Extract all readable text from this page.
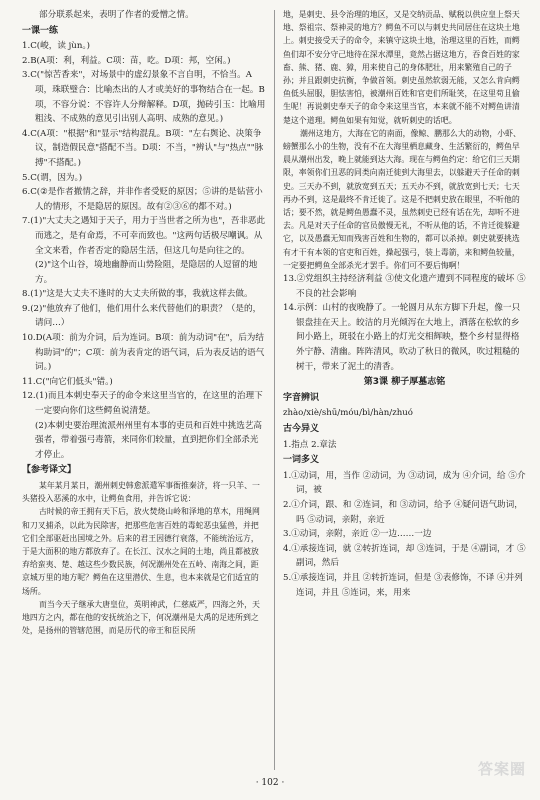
部分联系起来，表明了作者的爱憎之情。

一课一练

1.C(峻，读 jùn。)

2.B(A项：利，利益。C项：苗，吃。D项：邦，空闲。)

3.C("惊苦香来"，对场景中的虚幻景象不言自明，不恰当。A项，珠联璧合：比喻杰出的人才或美好的事物结合在一起。B项，不容分说：不容许人分辩解释。D项，抛砖引玉：比喻用粗浅、不成熟的意见引出别人高明、成熟的意见。)

4.C(A项："根据"和"显示"结构混乱。B项："左右舆论、决策争议，制造假民意"搭配不当。D项：不当，"辨认"与"热点""脉搏"不搭配。)

5.C(谓，因为。)

6.C(②是作者撤情之辞，并非作者受贬的原因；⑤讲的是钻营小人的情形，不是隐居的原因。故有②③⑥的都不对。)

7.(1)"大丈夫之遇知于天子，用力于当世者之所为也"，吾非恶此而逃之，是有命焉，不可幸而致也。"这两句话极尽嘲讽。从全文来看，作者否定的隐居生活，但这几句是向往之的。

(2)"这个山谷，境地幽静而山势险阻，是隐居的人逗留的地方。

8.(1)"这是大丈夫不逢时的大丈夫所做的事，我就这样去做。

9.(2)"他放弃了他们，他们用什么来代替他们的职责？（是的，请问…）

10.D(A项：前为介词，后为连词。B项：前为动词"在"，后为结构助词"的"；C项：前为表肯定的语气词，后为表反诘的语气词。)

11.C("向它们低头"错。)

12.(1)而且本刺史奉天子的命令来这里当官的，在这里的治理下一定要向你们这些鳄鱼说清楚。

(2)本刺史要治理流派州州里有本事的吏员和百姓中挑选艺高强者，带着强弓毒箭，来同你们较量，直到把你们全部杀光才停止。

【参考译文】

某年某月某日，潮州刺史韩愈派遣军事衙推秦济，将一只羊、一头猪投入恶溪的水中，让鳄鱼食用，并告诉它说：

古时候的帝王拥有天下后，放火焚烧山岭和泽地的草木，用绳网和刀叉捕杀，以此为民除害，把那些危害百姓的毒蛇恶虫猛兽，并把它们全部驱赶出国境之外。后来的君王因德行衰落，不能统治远方，于是大面积的地方都放弃了。在长江、汉水之间的土地，尚且都被放弃给蛮夷、楚、越这些少数民族，何况潮州处在五岭、南海之间，距京城万里的地方呢？鳄鱼在这里潜伏、生息，也本来就是它们适宜的场所。

而当今天子继承大唐皇位，英明神武，仁慈威严，四海之外，天地四方之内，都在他的安抚统治之下，何况潮州是大禹的足迹所到之处，是扬州的管辖范围，而是历代的帝王和臣民所

地，是刺史、县令治理的地区，又是交纳贡品、赋税以供应皇上祭天地、祭祖宗、祭神灵的地方？鳄鱼不可以与刺史共同居住在这块土地上。刺史接受天子的命令，来镇守这块土地，治理这里的百姓，而鳄鱼们却不安分守己地待在深水潭里，竟然占据这地方，吞食百姓的家畜、熊、猪、鹿、獐，用来使自己的身体肥壮，用来繁殖自己的子孙；并且跟刺史抗衡，争做首领。刺史虽然软弱无能，又怎么肯向鳄鱼低头屈服，胆怯害怕，被潮州百姓和官吏们所耻笑，在这里苟且偷生呢！再说刺史奉天子的命令来这里当官，本来就不能不对鳄鱼讲清楚这个道理。鳄鱼如果有知觉，就听刺史的话吧。

潮州这地方，大海在它的南面，像鲸、鹏那么大的动物，小虾、螃蟹那么小的生物，没有不在大海里栖息藏身、生活繁衍的，鳄鱼早晨从潮州出发，晚上就能到达大海。现在与鳄鱼约定：给它们三天期限，率领你们丑恶的同类向南迁徙到大海里去，以躲避天子任命的刺史。三天办不到，就放宽到五天；五天办不到，就放宽到七天；七天再办不到，这是最终不肯迁徙了。这是不把刺史放在眼里，不听他的话；要不然，就是鳄鱼愚蠢不灵，虽然刺史已经有话在先，却听不进去。凡是对天子任命的官员傲慢无礼，不听从他的话，不肯迁徙躲避它，以及愚蠢无知而残害百姓和生物的，都可以杀掉。刺史就要挑选有才干有本领的官吏和百姓，操起强弓，装上毒箭，来和鳄鱼较量，一定要把鳄鱼全部杀光才罢手。你们可不要后悔啊！

13.②党组织主持经济利益 ③使文化遗产遭到不同程度的破坏 ⑤不良的社会影响

14.示例：山村的夜晚静了。一轮圆月从东方脚下升起，像一只银盘挂在天上。皎洁的月光倾泻在大地上，洒落在松软的乡间小路上，斑驳在小路上的灯光交相辉映，整个乡村显得格外宁静、清幽。阵阵清风，吹动了秋日的微风，吹过粗糙的树干，带来了泥土的清香。

第3课 柳子厚墓志铭

字音辨识

zhào/xiè/shū/móu/bì/hàn/zhuó

古今异义

1.指点 2.章法

一词多义

1.①动词，用，当作 ②动词，为 ③动词，成为 ④介词，给 ⑤介词，被

2.①介词，跟、和 ②连词，和 ③动词，给予 ④疑问语气助词，吗 ⑤动词，亲附，亲近

3.①动词，亲附，亲近 ②一边……一边

4.①承接连词，就 ②转折连词，却 ③连词，于是 ④副词，才 ⑤副词，然后

5.①承接连词，并且 ②转折连词，但是 ③表修饰，不译 ④并列连词，并且 ⑤连词，来，用来

· 102 ·
答案圈
